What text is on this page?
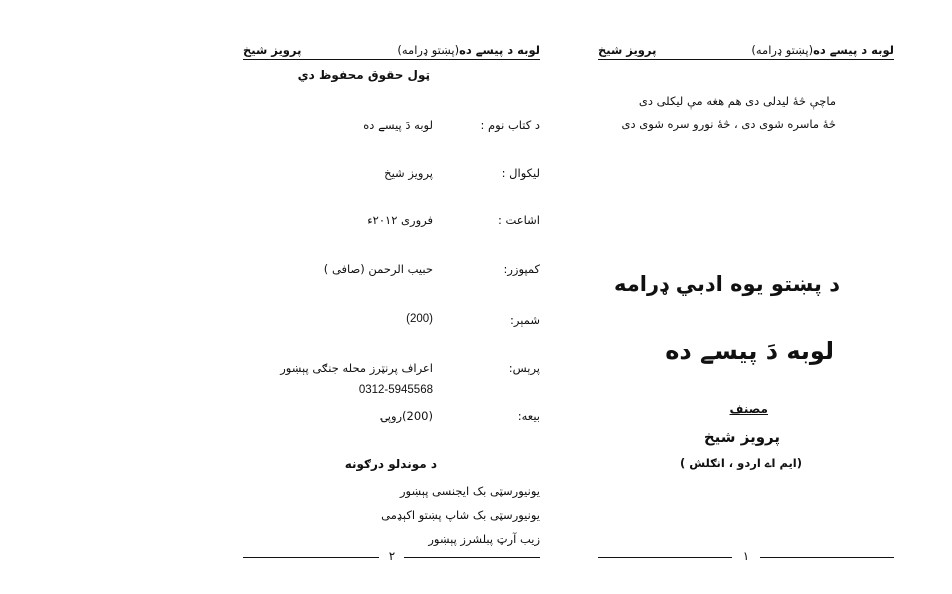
لوبه د پیسے ده(پښتو ډرامه)
پرویز شیخ
ټول حقوق محفوظ دي
د کتاب نوم :
لوبه دَ پیسے ده
لیکوال :
پرویز شیخ
اشاعت :
فروری ۲۰۱۲ء
کمپوزر:
حبیب الرحمن (صافی )
شمېر:
(200)
پرېس:
اعراف پرنټرز محله جنګی پېښور
0312-5945568
بیعه:
(200)روپۍ
د موندلو درګونه
یونیورسټی بک ایجنسی پېښور
یونیورسټی بک شاپ پښتو اکېډمی
زیب آرټ پبلشرز پېښور
۲
لوبه د پیسے ده(پښتو ډرامه)
پرویز شیخ
ماچې څۀ لیدلی دی هم هغه مې لیکلی دی
څۀ ماسره شوی دی ، څۀ نورو سره شوی دی
د پښتو يوه ادبي ډرامه
لوبه دَ پیسے ده
مصنف
پرویز شیخ
(ایم اے اردو ، انګلش )
۱
